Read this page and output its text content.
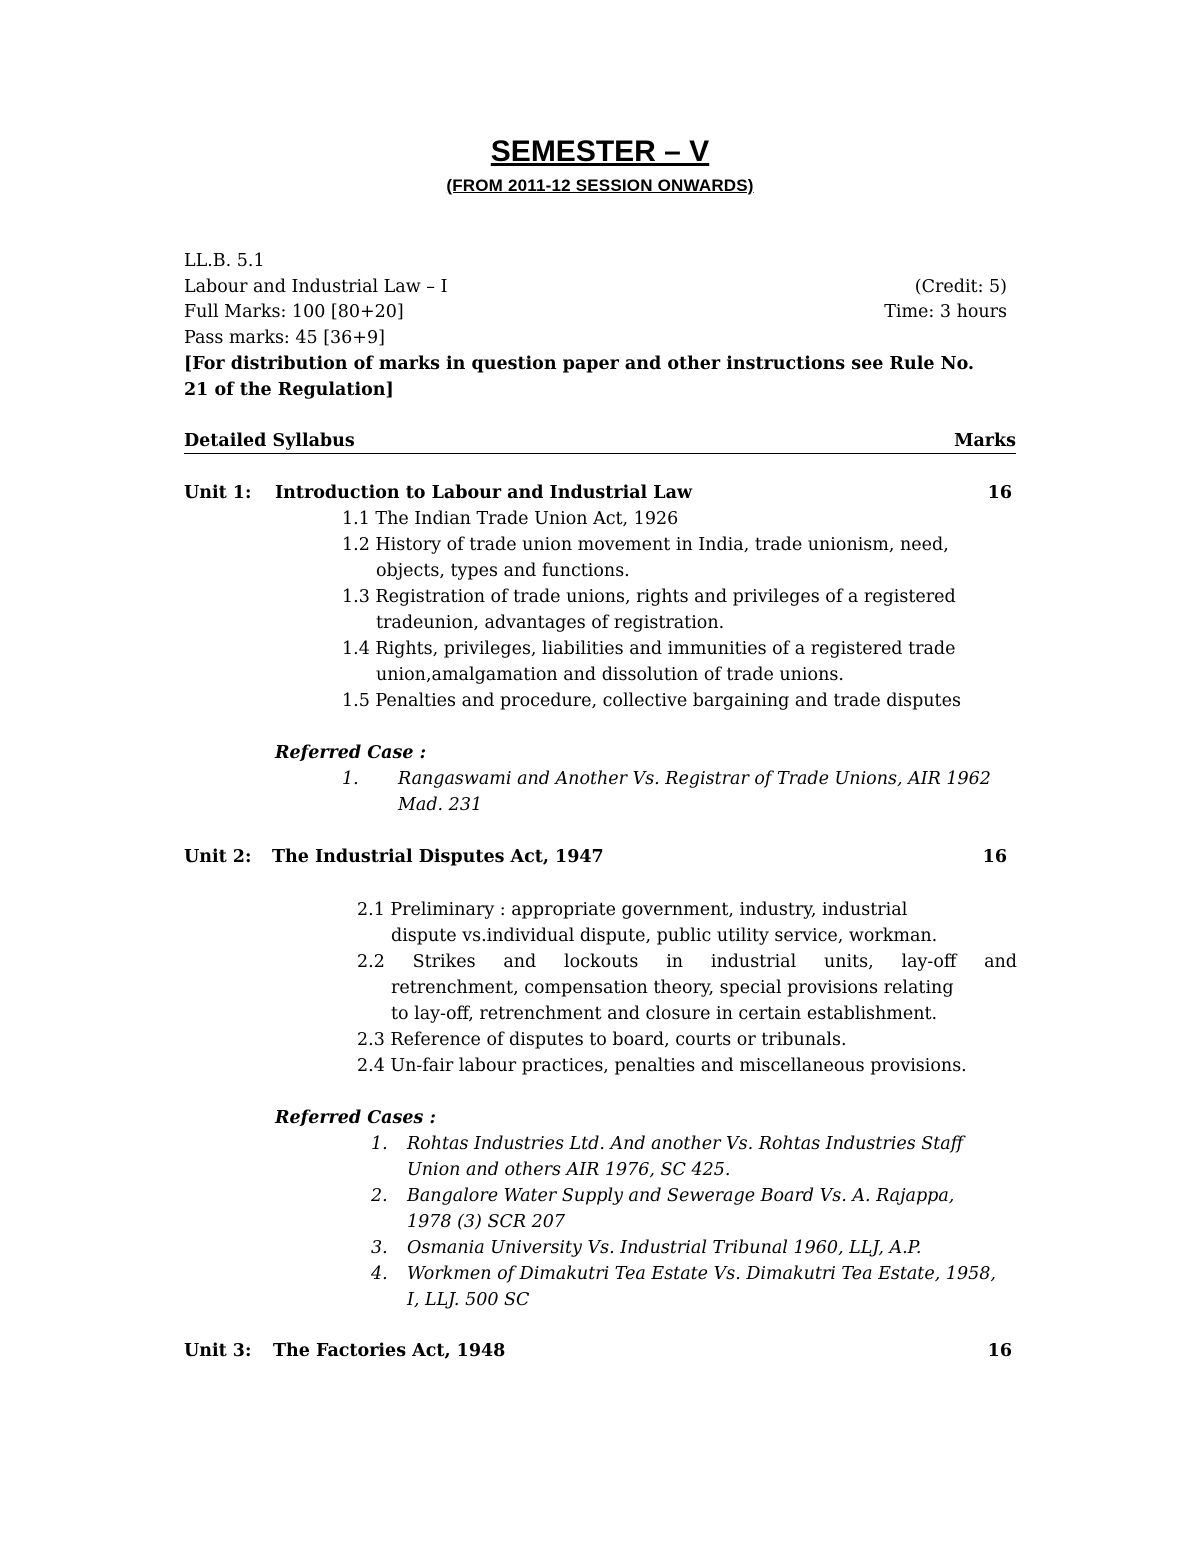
SEMESTER – V
(FROM 2011-12 SESSION ONWARDS)
LL.B. 5.1
Labour and Industrial Law – I	(Credit: 5)
Full Marks: 100 [80+20]	Time: 3 hours
Pass marks: 45 [36+9]
[For distribution of marks in question paper and other instructions see Rule No.
21 of the Regulation]
Detailed Syllabus	Marks
Unit 1: Introduction to Labour and Industrial Law	16
1.1 The Indian Trade Union Act, 1926
1.2 History of trade union movement in India, trade unionism, need,
objects, types and functions.
1.3 Registration of trade unions, rights and privileges of a registered
tradeunion, advantages of registration.
1.4 Rights, privileges, liabilities and immunities of a registered trade
union,amalgamation and dissolution of trade unions.
1.5 Penalties and procedure, collective bargaining and trade disputes
Referred Case :
1. Rangaswami and Another Vs. Registrar of Trade Unions, AIR 1962
Mad. 231
Unit 2: The Industrial Disputes Act, 1947	16
2.1 Preliminary : appropriate government, industry, industrial
dispute vs.individual dispute, public utility service, workman.
2.2 Strikes and lockouts in industrial units, lay-off and
retrenchment, compensation theory, special provisions relating
to lay-off, retrenchment and closure in certain establishment.
2.3 Reference of disputes to board, courts or tribunals.
2.4 Un-fair labour practices, penalties and miscellaneous provisions.
Referred Cases :
1. Rohtas Industries Ltd. And another Vs. Rohtas Industries Staff
Union and others AIR 1976, SC 425.
2. Bangalore Water Supply and Sewerage Board Vs. A. Rajappa,
1978 (3) SCR 207
3. Osmania University Vs. Industrial Tribunal 1960, LLJ, A.P.
4. Workmen of Dimakutri Tea Estate Vs. Dimakutri Tea Estate, 1958,
I, LLJ. 500 SC
Unit 3: The Factories Act, 1948	16
